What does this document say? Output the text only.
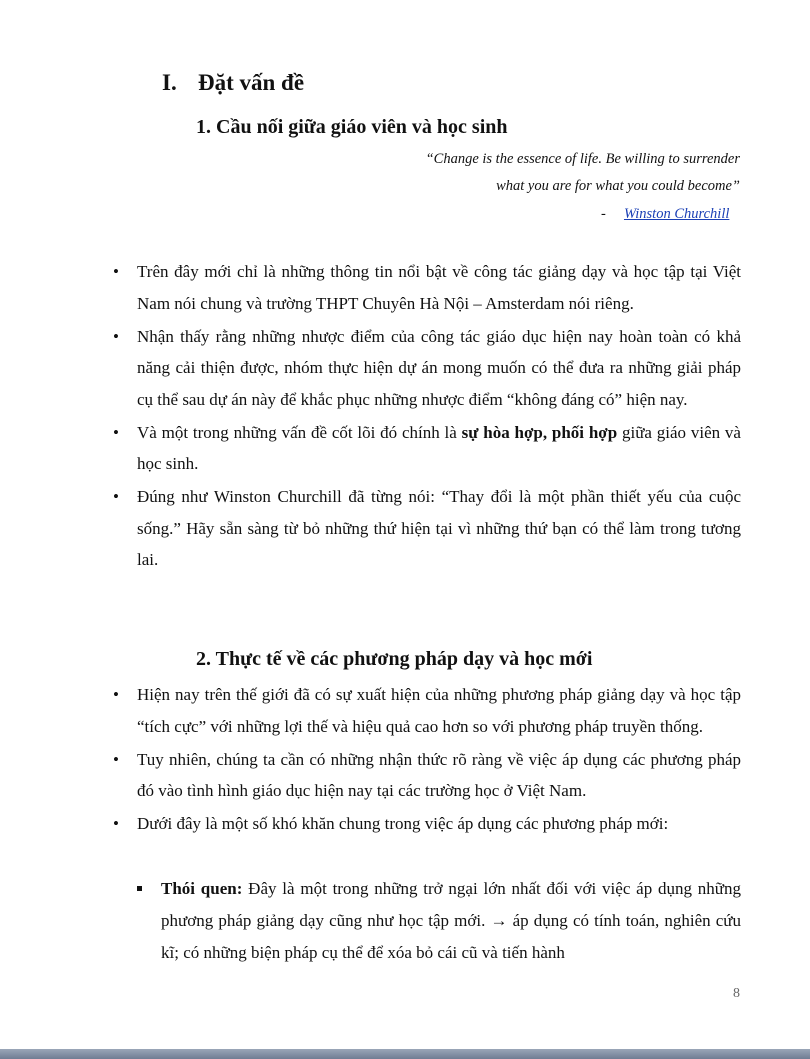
I. Đặt vấn đề
1. Cầu nối giữa giáo viên và học sinh
“Change is the essence of life. Be willing to surrender
what you are for what you could become”
- Winston Churchill
• Trên đây mới chỉ là những thông tin nổi bật về công tác giảng dạy và học tập tại Việt Nam nói chung và trường THPT Chuyên Hà Nội – Amsterdam nói riêng.
• Nhận thấy rằng những nhược điểm của công tác giáo dục hiện nay hoàn toàn có khả năng cải thiện được, nhóm thực hiện dự án mong muốn có thể đưa ra những giải pháp cụ thể sau dự án này để khắc phục những nhược điểm “không đáng có” hiện nay.
• Và một trong những vấn đề cốt lõi đó chính là sự hòa hợp, phối hợp giữa giáo viên và học sinh.
• Đúng như Winston Churchill đã từng nói: “Thay đổi là một phần thiết yếu của cuộc sống.” Hãy sẵn sàng từ bỏ những thứ hiện tại vì những thứ bạn có thể làm trong tương lai.
2. Thực tế về các phương pháp dạy và học mới
• Hiện nay trên thế giới đã có sự xuất hiện của những phương pháp giảng dạy và học tập “tích cực” với những lợi thế và hiệu quả cao hơn so với phương pháp truyền thống.
• Tuy nhiên, chúng ta cần có những nhận thức rõ ràng về việc áp dụng các phương pháp đó vào tình hình giáo dục hiện nay tại các trường học ở Việt Nam.
• Dưới đây là một số khó khăn chung trong việc áp dụng các phương pháp mới:
Thói quen: Đây là một trong những trở ngại lớn nhất đối với việc áp dụng những phương pháp giảng dạy cũng như học tập mới. → áp dụng có tính toán, nghiên cứu kĩ; có những biện pháp cụ thể để xóa bỏ cái cũ và tiến hành
8
